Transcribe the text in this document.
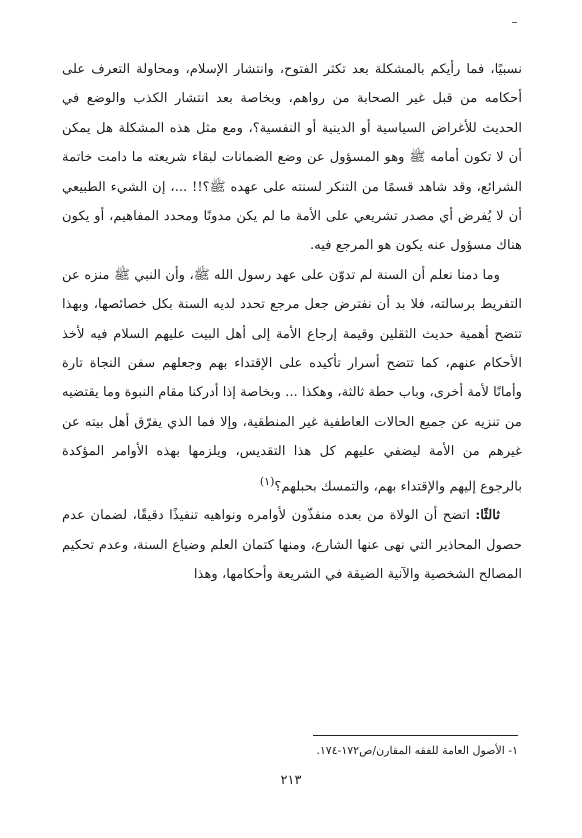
نسبيًا، فما رأيكم بالمشكلة بعد تكثر الفتوح، وانتشار الإسلام، ومحاولة التعرف على أحكامه من قبل غير الصحابة من رواهم، وبخاصة بعد انتشار الكذب والوضع في الحديث للأغراض السياسية أو الدينية أو النفسية؟، ومع مثل هذه المشكلة هل يمكن أن لا تكون أمامه ﷺ وهو المسؤول عن وضع الضمانات لبقاء شريعته ما دامت خاتمة الشرائع، وقد شاهد قسمًا من التنكر لسنته على عهده ﷺ؟!! ...، إن الشيء الطبيعي أن لا يُفرض أي مصدر تشريعي على الأمة ما لم يكن مدونًا ومحدد المفاهيم، أو يكون هناك مسؤول عنه يكون هو المرجع فيه.

وما دمنا نعلم أن السنة لم تدوّن على عهد رسول الله ﷺ، وأن النبي ﷺ منزه عن التفريط برسالته، فلا بد أن نفترض جعل مرجع تحدد لديه السنة بكل خصائصها، وبهذا تتضح أهمية حديث الثقلين وقيمة إرجاع الأمة إلى أهل البيت عليهم السلام فيه لأخذ الأحكام عنهم، كما تتضح أسرار تأكيده على الإقتداء بهم وجعلهم سفن النجاة تارة وأمانًا لأمة أخرى، وباب حطة ثالثة، وهكذا ... وبخاصة إذا أدركنا مقام النبوة وما يقتضيه من تنزيه عن جميع الحالات العاطفية غير المنطقية، وإلا فما الذي يفرّق أهل بيته عن غيرهم من الأمة ليضفي عليهم كل هذا التقديس، ويلزمها بهذه الأوامر المؤكدة بالرجوع إليهم والإقتداء بهم، والتمسك بحبلهم؟$^{(١)}$

ثالثًا: اتضح أن الولاة من بعده منفذّون لأوامره ونواهيه تنفيذًا دقيقًا، لضمان عدم حصول المحاذير التي نهى عنها الشارع، ومنها كتمان العلم وضياع السنة، وعدم تحكيم المصالح الشخصية والآنية الضيقة في الشريعة وأحكامها، وهذا

١- الأصول العامة للفقه المقارن/ص١٧٢-١٧٤.
٢١٣
